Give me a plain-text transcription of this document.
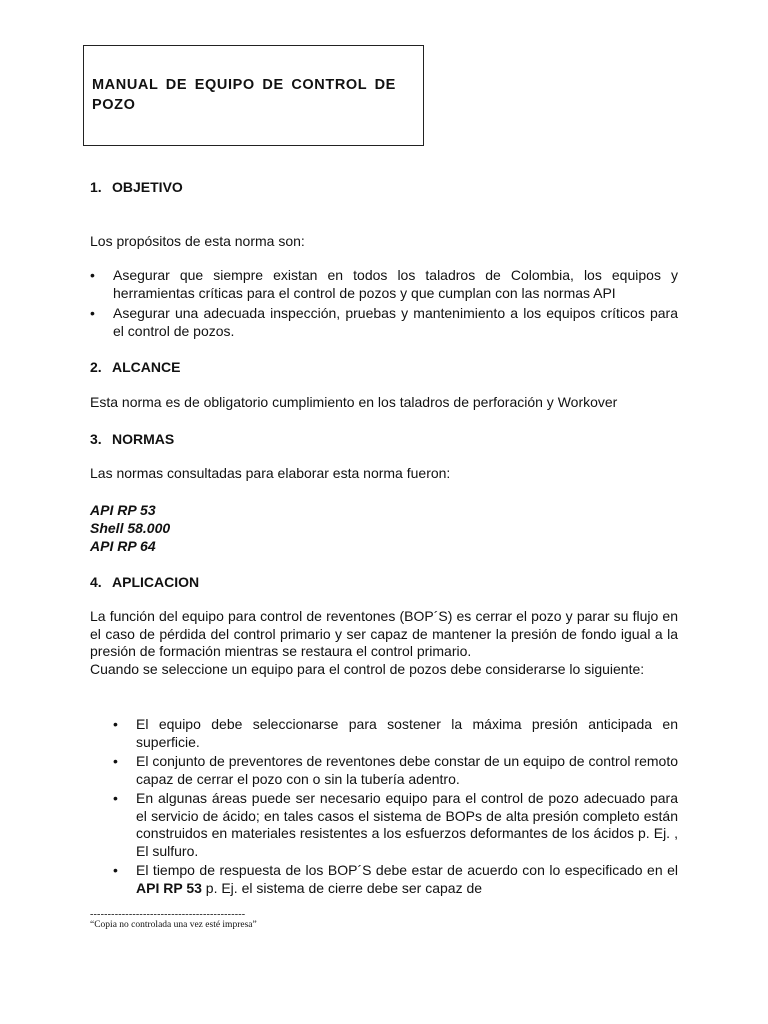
MANUAL DE EQUIPO DE CONTROL DE POZO
1. OBJETIVO
Los propósitos de esta norma son:
•	Asegurar que siempre existan en todos los taladros de Colombia, los equipos y herramientas críticas para el control de pozos y que cumplan con las normas API
•	Asegurar una adecuada inspección, pruebas y mantenimiento a los equipos críticos para el control de pozos.
2. ALCANCE
Esta norma es de obligatorio cumplimiento en los taladros de perforación y Workover
3. NORMAS
Las normas consultadas para elaborar esta norma fueron:
API RP 53
Shell 58.000
API RP 64
4. APLICACION
La función del equipo para control de reventones (BOP´S) es cerrar el pozo y parar su flujo en el caso de pérdida del control primario y ser capaz de mantener la presión de fondo igual a la presión de formación mientras se restaura el control primario.
Cuando se seleccione un equipo para el control de pozos debe considerarse lo siguiente:
•	El equipo debe seleccionarse para sostener la máxima presión anticipada en superficie.
•	El conjunto de preventores de reventones debe constar de un equipo de control remoto capaz de cerrar el pozo con o sin la tubería adentro.
•	En algunas áreas puede ser necesario equipo para el control de pozo adecuado para el servicio de ácido; en tales casos el sistema de BOPs de alta presión completo están construidos en materiales resistentes a los esfuerzos deformantes de los ácidos p. Ej. , El sulfuro.
•	El tiempo de respuesta de los BOP´S debe estar de acuerdo con lo especificado en el API RP 53 p. Ej. el sistema de cierre debe ser capaz de
--------------------------------------------
“Copia no controlada una vez esté impresa”
